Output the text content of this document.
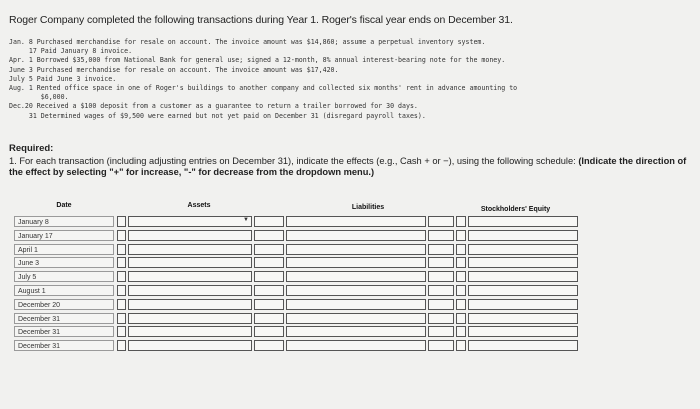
Roger Company completed the following transactions during Year 1. Roger's fiscal year ends on December 31.
Jan. 8 Purchased merchandise for resale on account. The invoice amount was $14,860; assume a perpetual inventory system.
17 Paid January 8 invoice.
Apr. 1 Borrowed $35,000 from National Bank for general use; signed a 12-month, 8% annual interest-bearing note for the money.
June 3 Purchased merchandise for resale on account. The invoice amount was $17,420.
July 5 Paid June 3 invoice.
Aug. 1 Rented office space in one of Roger's buildings to another company and collected six months' rent in advance amounting to
$6,000.
Dec.20 Received a $100 deposit from a customer as a guarantee to return a trailer borrowed for 30 days.
31 Determined wages of $9,500 were earned but not yet paid on December 31 (disregard payroll taxes).
Required:
1. For each transaction (including adjusting entries on December 31), indicate the effects (e.g., Cash + or −), using the following schedule: (Indicate the direction of the effect by selecting "+" for increase, "-" for decrease from the dropdown menu.)
Date	Assets	Liabilities	Stockholders' Equity
January 8	▼
January 17
April 1
June 3
July 5
August 1
December 20
December 31
December 31
December 31
